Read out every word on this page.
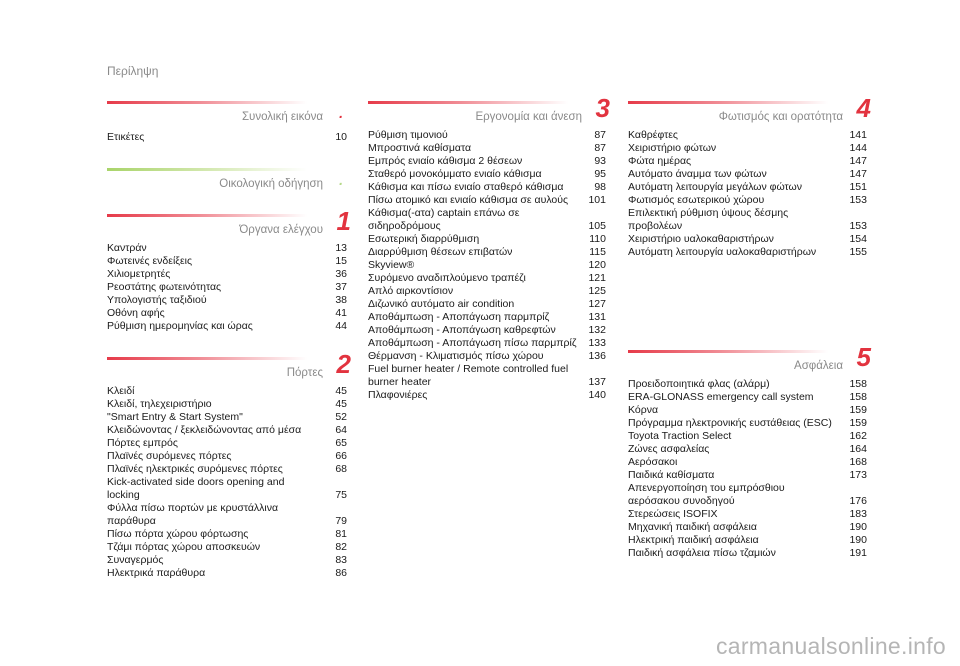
Περίληψη
Συνολική εικόνα .
Ετικέτες	10
Οικολογική οδήγηση .
Όργανα ελέγχου 1
Καντράν	13
Φωτεινές ενδείξεις	15
Χιλιομετρητές	36
Ρεοστάτης φωτεινότητας	37
Υπολογιστής ταξιδιού	38
Οθόνη αφής	41
Ρύθμιση ημερομηνίας και ώρας	44
Πόρτες 2
Κλειδί	45
Κλειδί, τηλεχειριστήριο	45
"Smart Entry & Start System"	52
Κλειδώνοντας / ξεκλειδώνοντας από μέσα	64
Πόρτες εμπρός	65
Πλαϊνές συρόμενες πόρτες	66
Πλαϊνές ηλεκτρικές συρόμενες πόρτες	68
Kick-activated side doors opening and locking	75
Φύλλα πίσω πορτών με κρυστάλλινα παράθυρα	79
Πίσω πόρτα χώρου φόρτωσης	81
Τζάμι πόρτας χώρου αποσκευών	82
Συναγερμός	83
Ηλεκτρικά παράθυρα	86
Εργονομία και άνεση 3
Ρύθμιση τιμονιού	87
Μπροστινά καθίσματα	87
Εμπρός ενιαίο κάθισμα 2 θέσεων	93
Σταθερό μονοκόμματο ενιαίο κάθισμα	95
Κάθισμα και πίσω ενιαίο σταθερό κάθισμα	98
Πίσω ατομικό και ενιαίο κάθισμα σε αυλούς	101
Κάθισμα(-ατα) captain επάνω σε σιδηροδρόμους	105
Εσωτερική διαρρύθμιση	110
Διαρρύθμιση θέσεων επιβατών	115
Skyview®	120
Συρόμενο αναδιπλούμενο τραπέζι	121
Απλό αιρκοντίσιον	125
Διζωνικό αυτόματο air condition	127
Αποθάμπωση - Αποπάγωση παρμπρίζ	131
Αποθάμπωση - Αποπάγωση καθρεφτών	132
Αποθάμπωση - Αποπάγωση πίσω παρμπρίζ	133
Θέρμανση - Κλιματισμός πίσω χώρου	136
Fuel burner heater / Remote controlled fuel burner heater	137
Πλαφονιέρες	140
Φωτισμός και ορατότητα 4
Καθρέφτες	141
Χειριστήριο φώτων	144
Φώτα ημέρας	147
Αυτόματο άναμμα των φώτων	147
Αυτόματη λειτουργία μεγάλων φώτων	151
Φωτισμός εσωτερικού χώρου	153
Επιλεκτική ρύθμιση ύψους δέσμης προβολέων	153
Χειριστήριο υαλοκαθαριστήρων	154
Αυτόματη λειτουργία υαλοκαθαριστήρων	155
Ασφάλεια 5
Προειδοποιητικά φλας (αλάρμ)	158
ERA-GLONASS emergency call system	158
Κόρνα	159
Πρόγραμμα ηλεκτρονικής ευστάθειας (ESC)	159
Toyota Traction Select	162
Ζώνες ασφαλείας	164
Αερόσακοι	168
Παιδικά καθίσματα	173
Απενεργοποίηση του εμπρόσθιου αερόσακου συνοδηγού	176
Στερεώσεις ISOFIX	183
Μηχανική παιδική ασφάλεια	190
Ηλεκτρική παιδική ασφάλεια	190
Παιδική ασφάλεια πίσω τζαμιών	191
carmanualsonline.info
